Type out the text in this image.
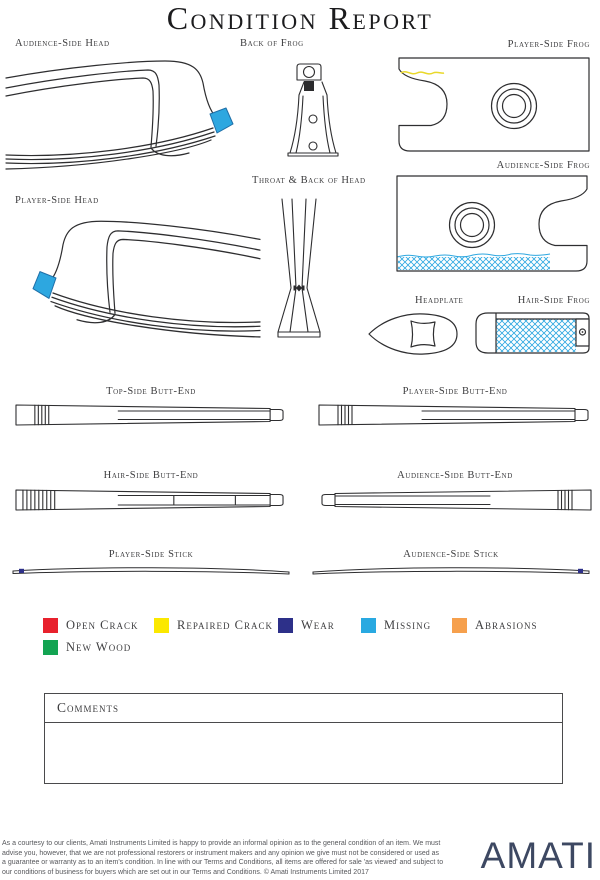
Condition Report
Audience-Side Head	Back of Frog	Player-Side Frog
Player-Side Head
Throat & Back of Head
Audience-Side Frog
Headplate	Hair-Side Frog
Top-Side Butt-End	Player-Side Butt-End
Hair-Side Butt-End	Audience-Side Butt-End
Player-Side Stick	Audience-Side Stick
Open Crack	Repaired Crack Wear	Missing	Abrasions
New Wood
Comments
As a courtesy to our clients, Amati Instruments Limited is happy to provide an informal opinion as to the general condition of an item. We must
advise you, however, that we are not professional restorers or instrument makers and any opinion we give must not be considered or used as
a guarantee or warranty as to an item's condition. In line with our Terms and Conditions, all items are offered for sale 'as viewed' and subject to
our conditions of business for buyers which are set out in our Terms and Conditions. © Amati Instruments Limited 2017	AMATI
